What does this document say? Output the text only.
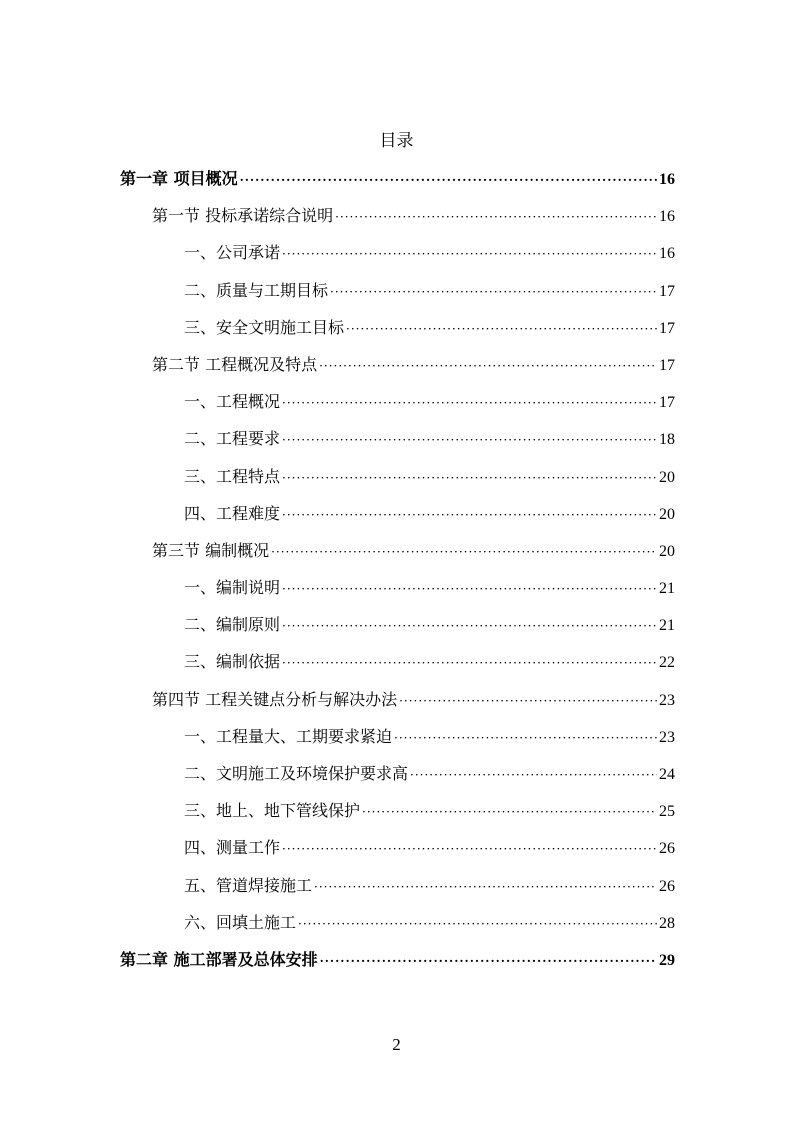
目录
第一章 项目概况 ·····	16
第一节 投标承诺综合说明 ·····	16
一、公司承诺 ·····	16
二、质量与工期目标 ·····	17
三、安全文明施工目标 ·····	17
第二节 工程概况及特点 ·····	17
一、工程概况 ·····	17
二、工程要求 ·····	18
三、工程特点 ·····	20
四、工程难度 ·····	20
第三节 编制概况 ·····	20
一、编制说明 ·····	21
二、编制原则 ·····	21
三、编制依据 ·····	22
第四节 工程关键点分析与解决办法 ·····	23
一、工程量大、工期要求紧迫 ·····	23
二、文明施工及环境保护要求高 ·····	24
三、地上、地下管线保护 ·····	25
四、测量工作 ·····	26
五、管道焊接施工 ·····	26
六、回填土施工 ·····	28
第二章 施工部署及总体安排 ·····	29
2
